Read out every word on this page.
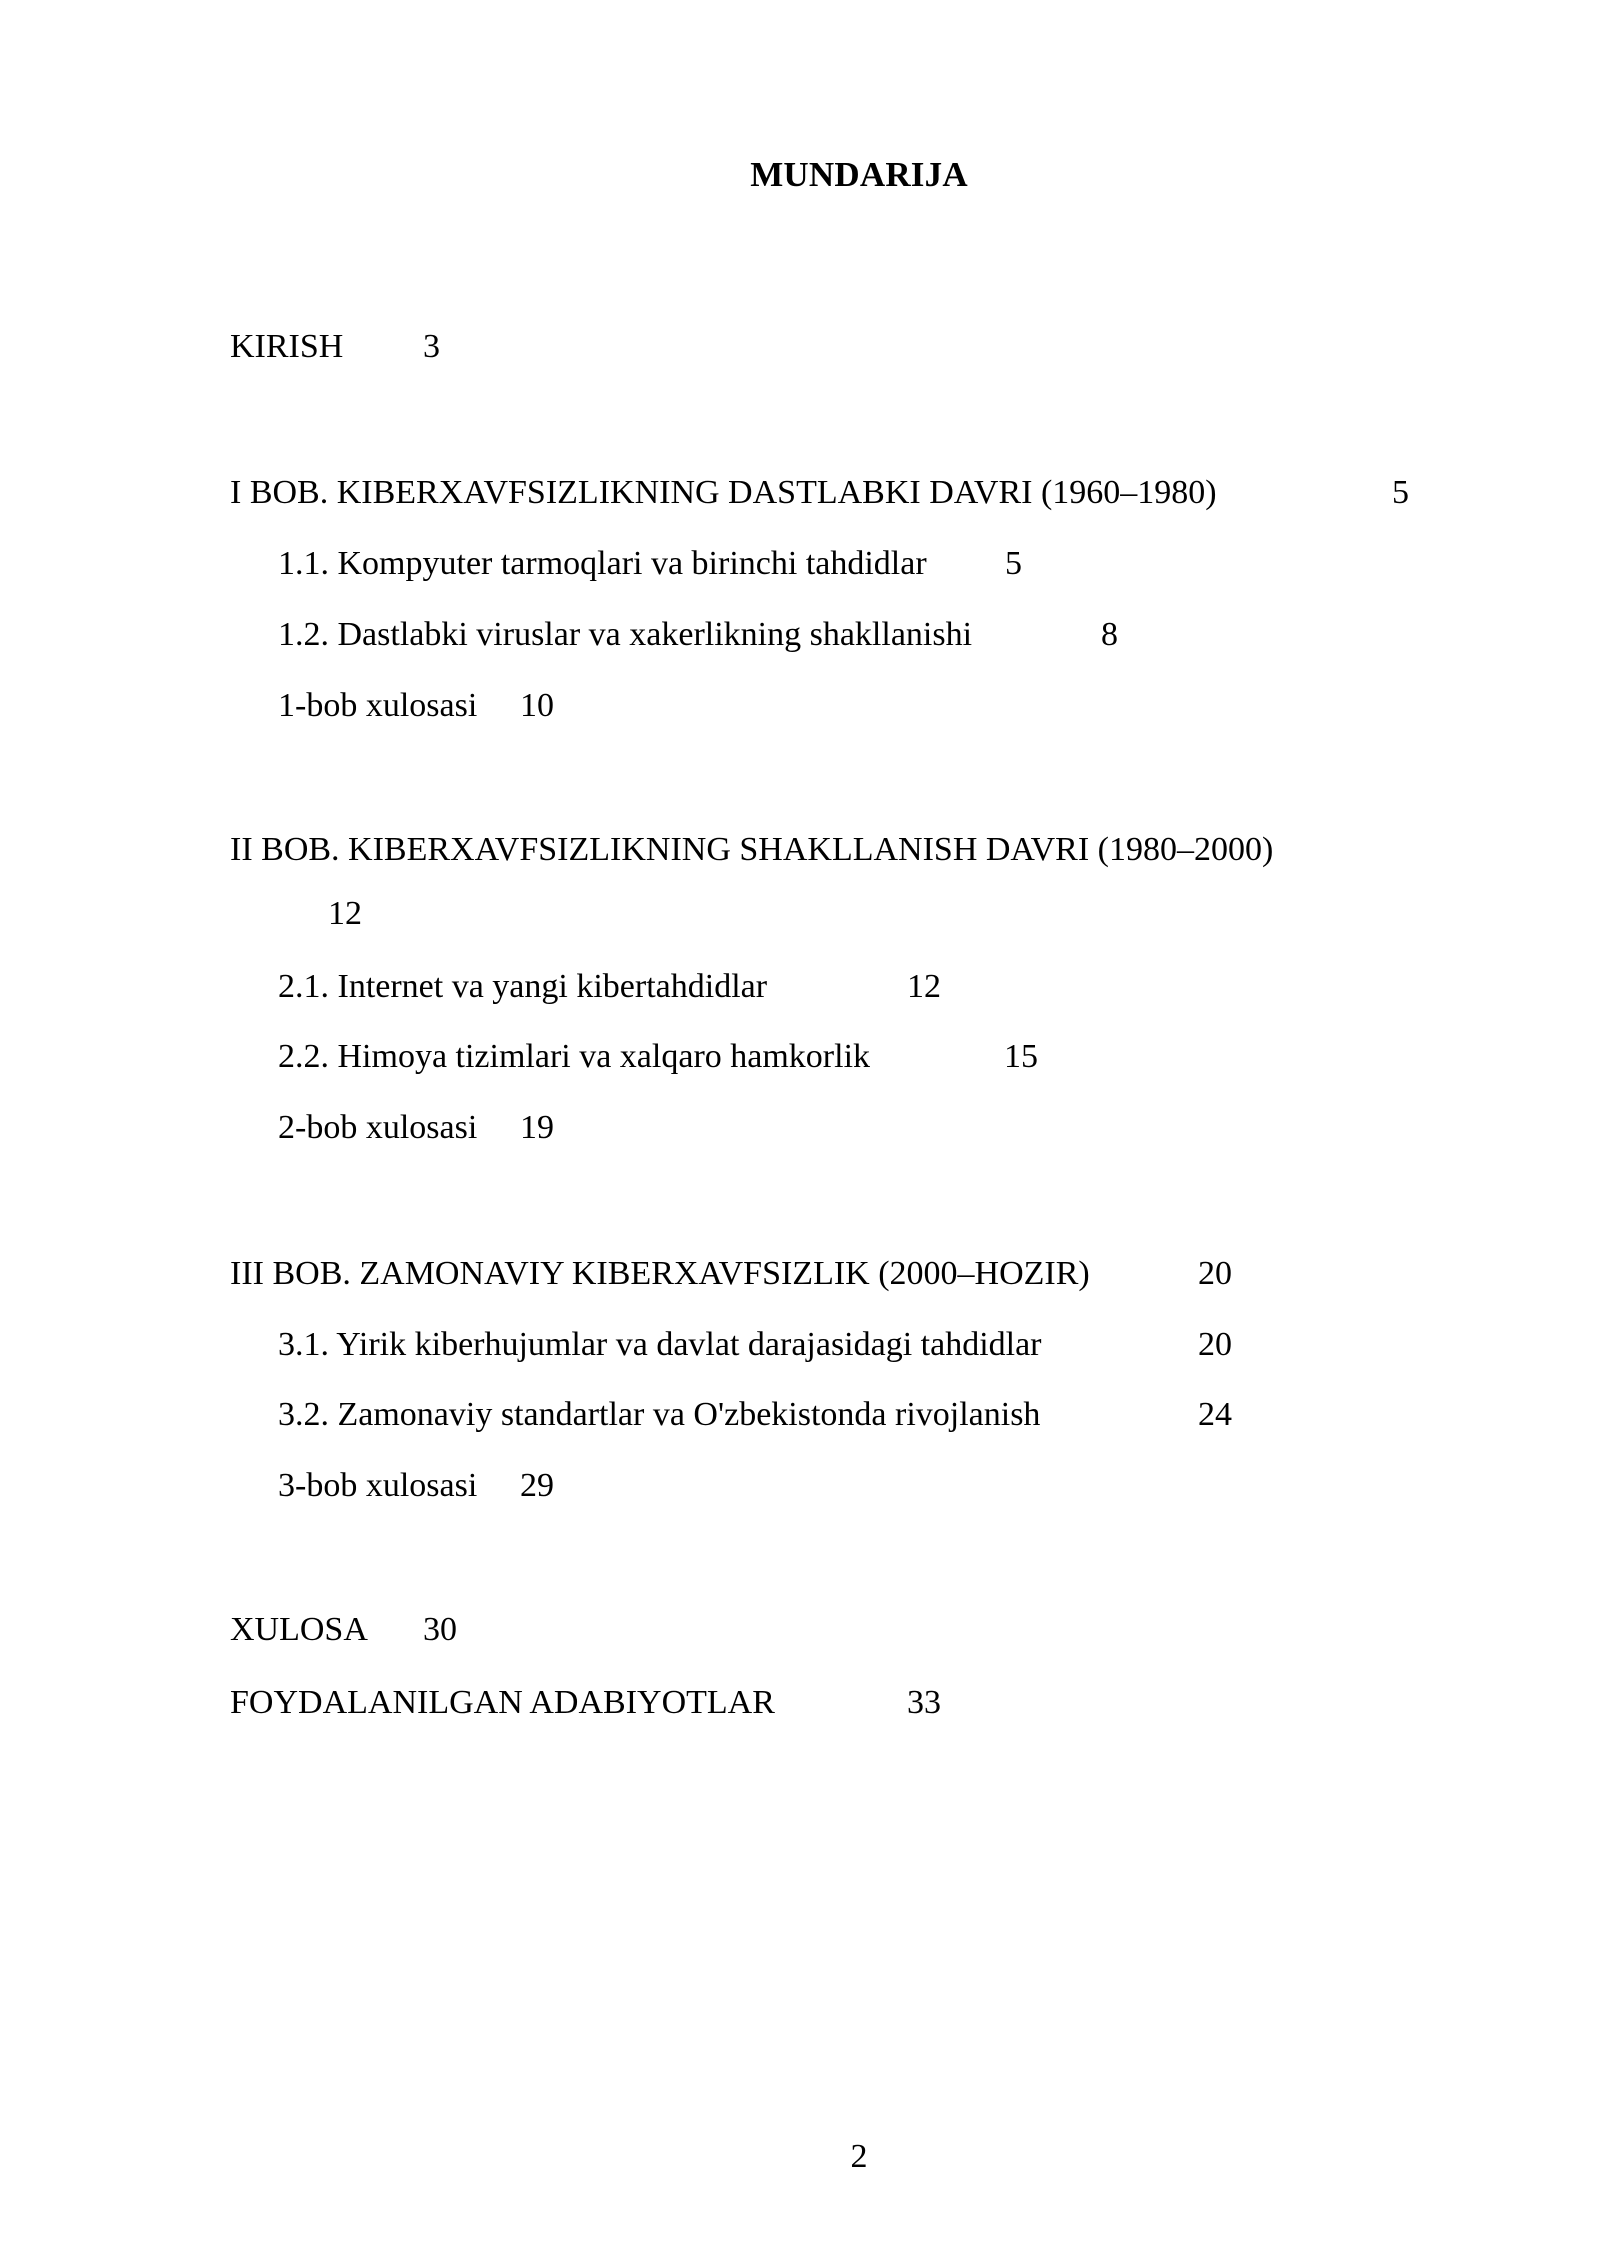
MUNDARIJA
KIRISH 3
I BOB. KIBERXAVFSIZLIKNING DASTLABKI DAVRI (1960–1980)	5
1.1. Kompyuter tarmoqlari va birinchi tahdidlar 5
1.2. Dastlabki viruslar va xakerlikning shakllanishi	8
1-bob xulosasi 10
II BOB. KIBERXAVFSIZLIKNING SHAKLLANISH DAVRI (1980–2000)
12
2.1. Internet va yangi kibertahdidlar	12
2.2. Himoya tizimlari va xalqaro hamkorlik	15
2-bob xulosasi 19
III BOB. ZAMONAVIY KIBERXAVFSIZLIK (2000–HOZIR)	20
3.1. Yirik kiberhujumlar va davlat darajasidagi tahdidlar	20
3.2. Zamonaviy standartlar va O'zbekistonda rivojlanish	24
3-bob xulosasi 29
XULOSA 30
FOYDALANILGAN ADABIYOTLAR	33
2
